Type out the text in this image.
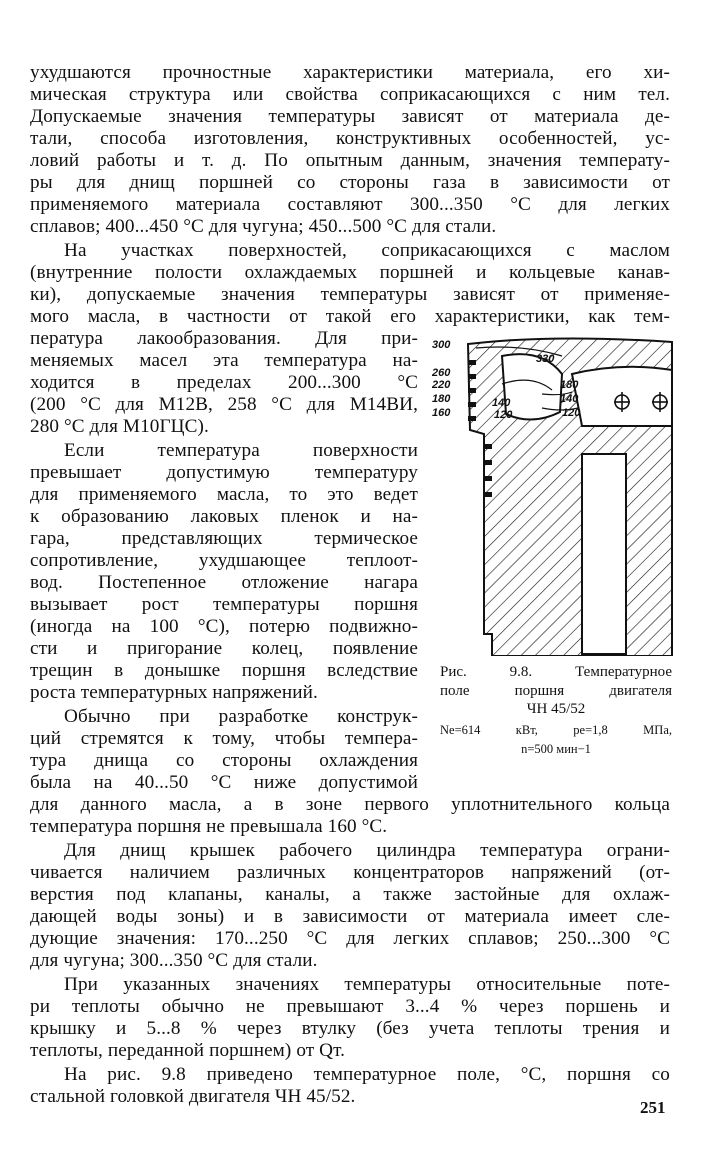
ухудшаются прочностные характеристики материала, его хи-
мическая структура или свойства соприкасающихся с ним тел.
Допускаемые значения температуры зависят от материала де-
тали, способа изготовления, конструктивных особенностей, ус-
ловий работы и т. д. По опытным данным, значения температу-
ры для днищ поршней со стороны газа в зависимости от
применяемого материала составляют 300...350 °С для легких
сплавов; 400...450 °С для чугуна; 450...500 °С для стали.
На участках поверхностей, соприкасающихся с маслом
(внутренние полости охлаждаемых поршней и кольцевые канав-
ки), допускаемые значения температуры зависят от применяе-
мого масла, в частности от такой его характеристики, как тем-
пература лакообразования. Для при-
меняемых масел эта температура на-
ходится в пределах 200...300 °С
(200 °С для М12В, 258 °С для М14ВИ,
280 °С для М10ГЦС).
Если температура поверхности
превышает допустимую температуру
для применяемого масла, то это ведет
к образованию лаковых пленок и на-
гара, представляющих термическое
сопротивление, ухудшающее теплоот-
вод. Постепенное отложение нагара
вызывает рост температуры поршня
(иногда на 100 °С), потерю подвижно-
сти и пригорание колец, появление
трещин в донышке поршня вследствие
роста температурных напряжений.
Обычно при разработке конструк-
ций стремятся к тому, чтобы темпера-
тура днища со стороны охлаждения
была на 40...50 °С ниже допустимой
для данного масла, а в зоне первого уплотнительного кольца
температура поршня не превышала 160 °С.
Для днищ крышек рабочего цилиндра температура ограни-
чивается наличием различных концентраторов напряжений (от-
верстия под клапаны, каналы, а также застойные для охлаж-
дающей воды зоны) и в зависимости от материала имеет сле-
дующие значения: 170...250 °С для легких сплавов; 250...300 °С
для чугуна; 300...350 °С для стали.
При указанных значениях температуры относительные поте-
ри теплоты обычно не превышают 3...4 % через поршень и
крышку и 5...8 % через втулку (без учета теплоты трения и
теплоты, переданной поршнем) от Qт.
На рис. 9.8 приведено температурное поле, °С, поршня со
стальной головкой двигателя ЧН 45/52.
300
260
220
180
160
330
180
140	140
120	120
Рис. 9.8. Температурное
поле поршня двигателя
ЧН 45/52
Ne=614 кВт, pe=1,8 МПа,
n=500 мин−1
251
